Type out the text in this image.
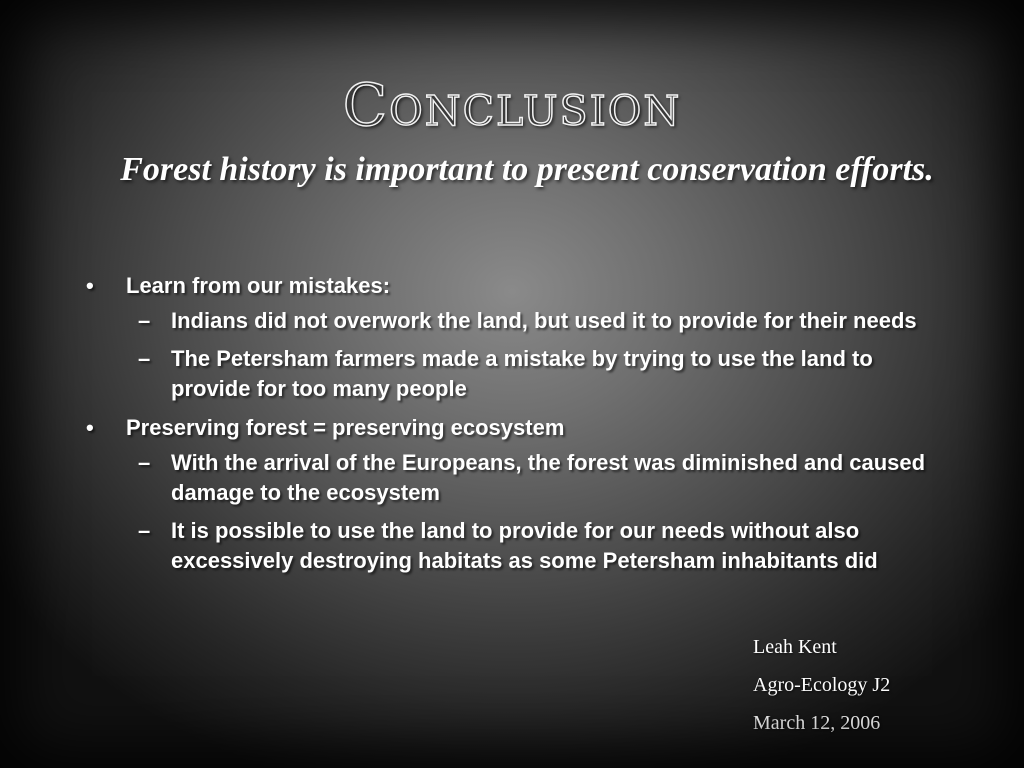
Conclusion
Forest history is important to present conservation efforts.
• Learn from our mistakes:
– Indians did not overwork the land, but used it to provide for their needs
– The Petersham farmers made a mistake by trying to use the land to provide for too many people
• Preserving forest = preserving ecosystem
– With the arrival of the Europeans, the forest was diminished and caused damage to the ecosystem
– It is possible to use the land to provide for our needs without also excessively destroying habitats as some Petersham inhabitants did
Leah Kent
Agro-Ecology J2
March 12, 2006
